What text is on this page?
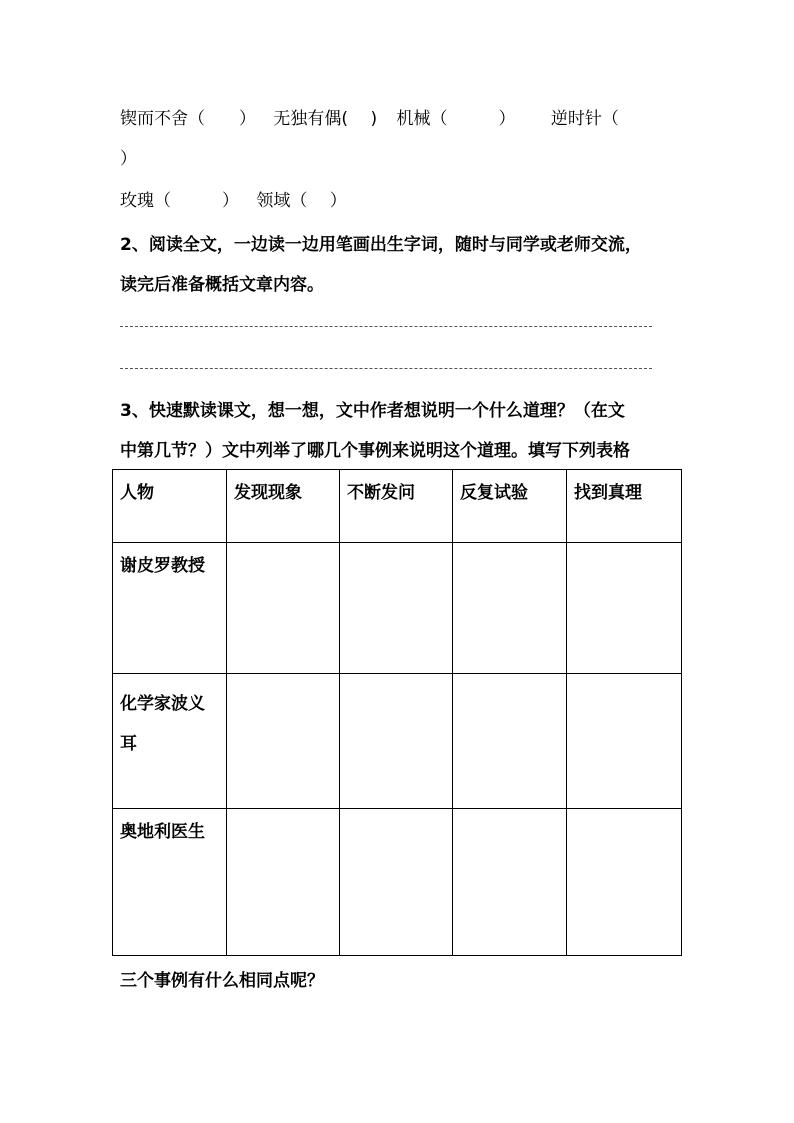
锲而不舍（　　） 无独有偶(　 ) 机械（　　　） 逆时针（
）
玫瑰（　　　） 领域（　 ）
2、阅读全文，一边读一边用笔画出生字词，随时与同学或老师交流，
读完后准备概括文章内容。
3、快速默读课文，想一想，文中作者想说明一个什么道理？（在文
中第几节？）文中列举了哪几个事例来说明这个道理。填写下列表格
人物	发现现象	不断发问	反复试验	找到真理
谢皮罗教授				
化学家波义耳				
奥地利医生				
三个事例有什么相同点呢？
